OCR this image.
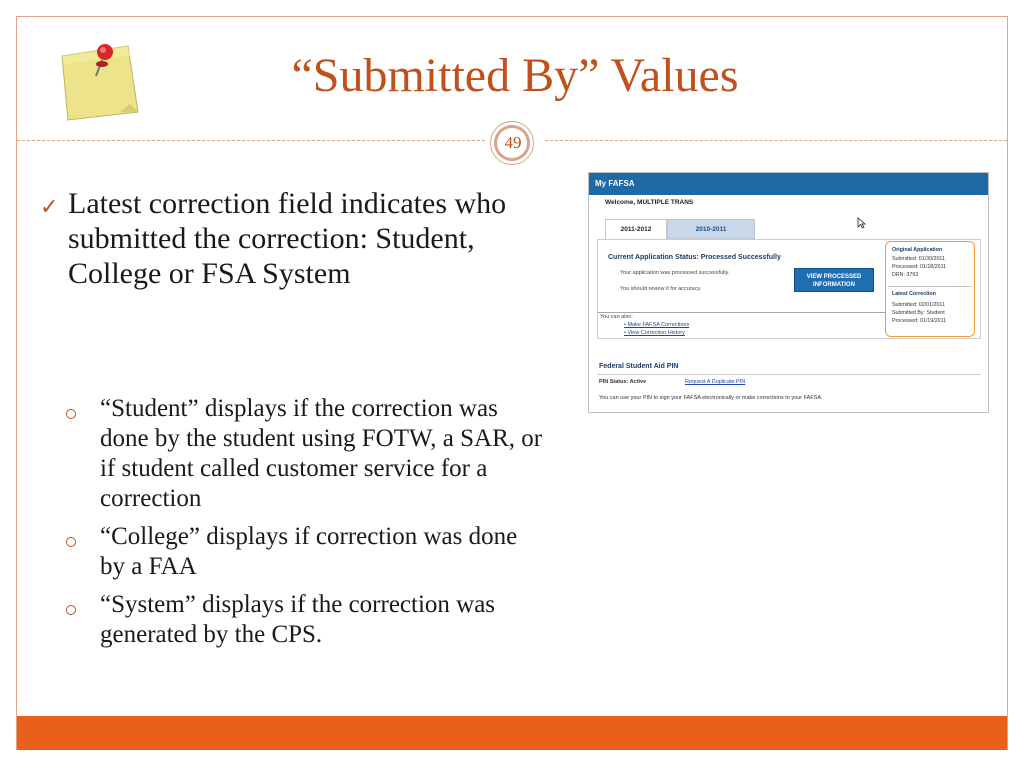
“Submitted By” Values
49
✓ Latest correction field indicates who submitted the correction: Student, College or FSA System
“Student” displays if the correction was done by the student using FOTW, a SAR, or if student called customer service for a correction
“College” displays if correction was done by a FAA
“System” displays if the correction was generated by the CPS.
My FAFSA
Welcome, MULTIPLE TRANS
2011-2012	2010-2011
Current Application Status: Processed Successfully
Your application was processed successfully.
You should review it for accuracy.
VIEW PROCESSED
INFORMATION
You can also:
• Make FAFSA Corrections
• View Correction History
Original Application
Submitted: 01/30/2011
Processed: 01/18/2011
DRN: 3793
Latest Correction
Submitted: 02/01/2011
Submitted By: Student
Processed: 01/19/2011
Federal Student Aid PIN
PIN Status: Active	Request A Duplicate PIN
You can use your PIN to sign your FAFSA electronically or make corrections to your FAFSA.
